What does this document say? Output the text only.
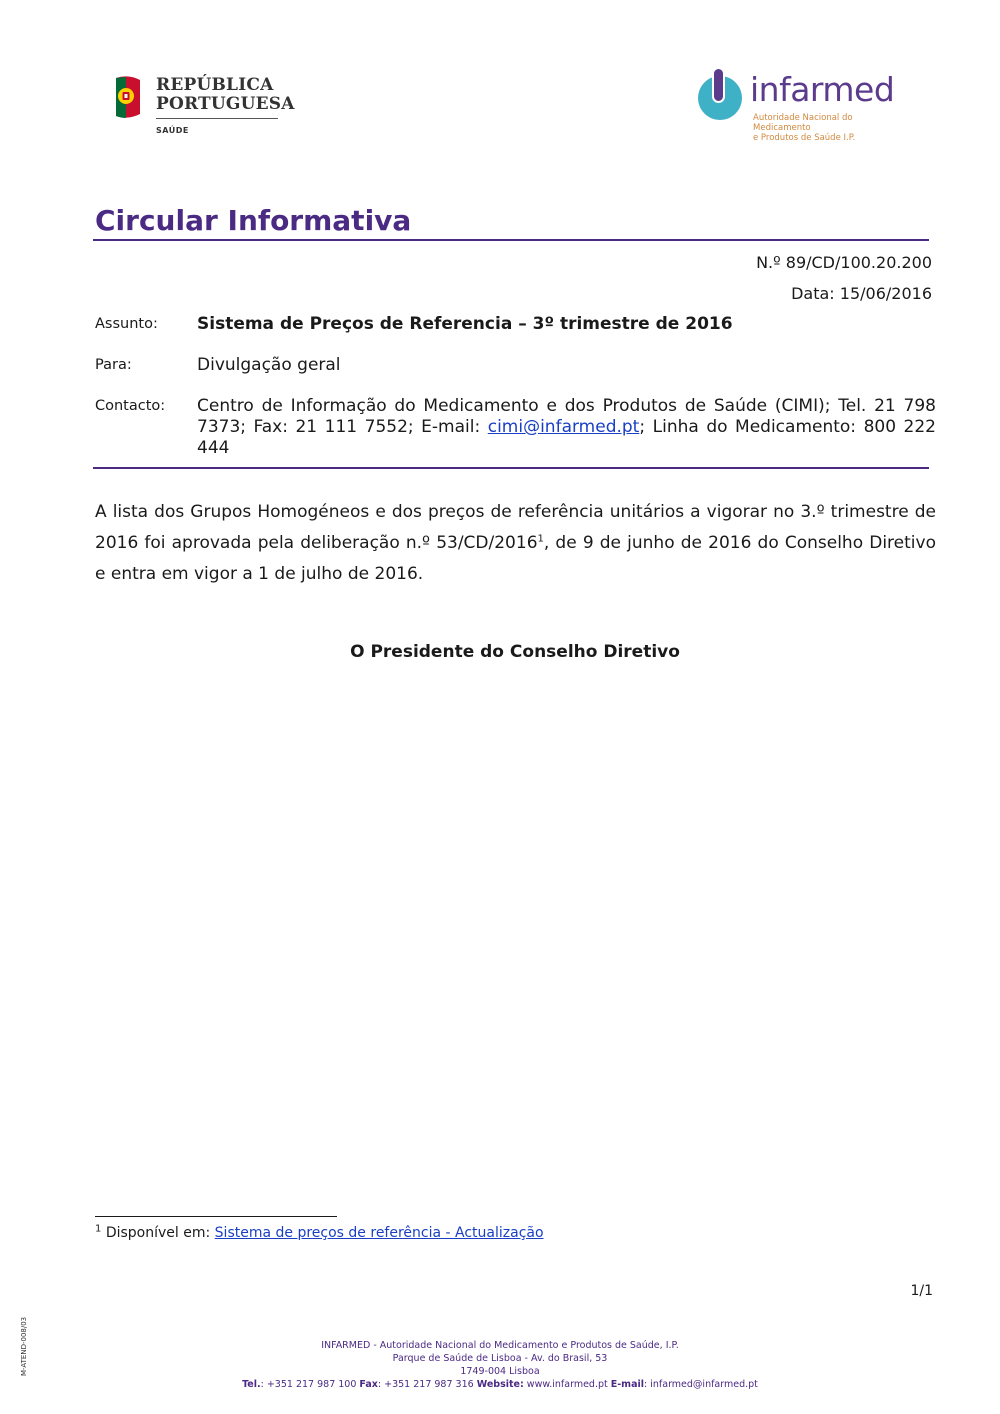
REPÚBLICA
PORTUGUESA
SAÚDE
infarmed
Autoridade Nacional do Medicamento
e Produtos de Saúde I.P.
Circular Informativa
N.º 89/CD/100.20.200
Data: 15/06/2016
Assunto: Sistema de Preços de Referencia – 3º trimestre de 2016
Para:	Divulgação geral
Contacto: Centro de Informação do Medicamento e dos Produtos de Saúde (CIMI); Tel. 21 798 7373; Fax: 21 111 7552; E-mail: cimi@infarmed.pt; Linha do Medicamento: 800 222 444
A lista dos Grupos Homogéneos e dos preços de referência unitários a vigorar no 3.º trimestre de 2016 foi aprovada pela deliberação n.º 53/CD/2016$^1$, de 9 de junho de 2016 do Conselho Diretivo e entra em vigor a 1 de julho de 2016.
O Presidente do Conselho Diretivo
$^1$ Disponível em: Sistema de preços de referência - Actualização
1/1
M-ATEND-008/03	INFARMED - Autoridade Nacional do Medicamento e Produtos de Saúde, I.P.
Parque de Saúde de Lisboa - Av. do Brasil, 53
1749-004 Lisboa
Tel.: +351 217 987 100 Fax: +351 217 987 316 Website: www.infarmed.pt E-mail: infarmed@infarmed.pt
